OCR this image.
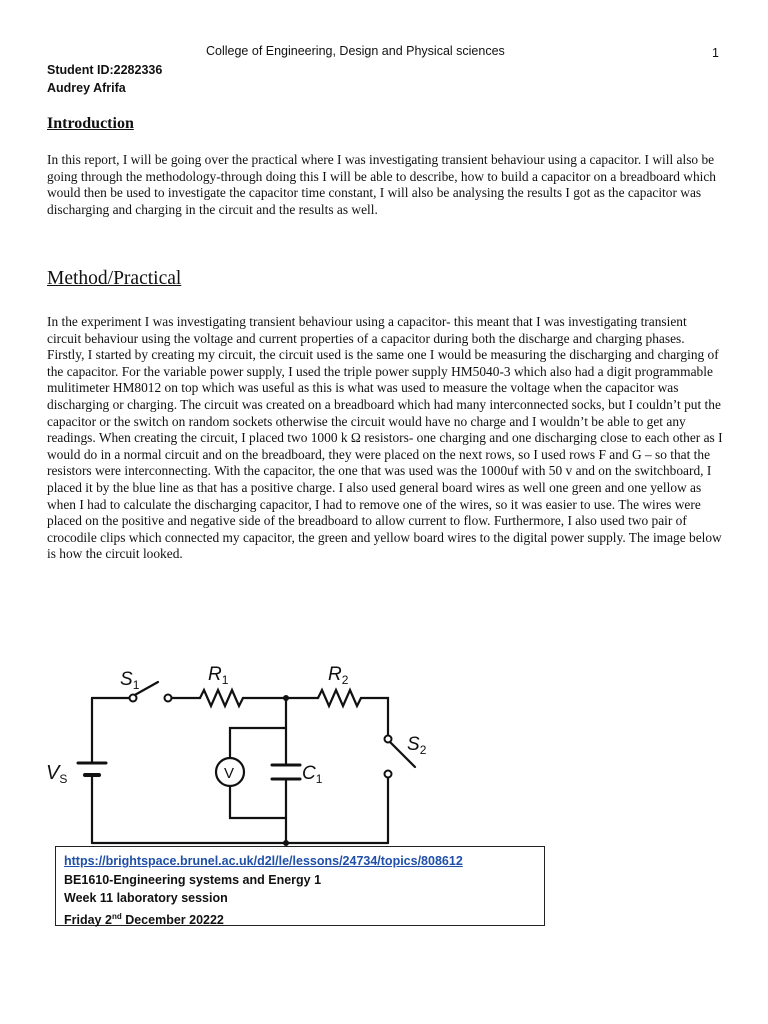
College of Engineering, Design and Physical sciences	1
Student ID:2282336
Audrey Afrifa
Introduction
In this report, I will be going over the practical where I was investigating transient behaviour using a capacitor. I will also be going through the methodology-through doing this I will be able to describe, how to build a capacitor on a breadboard which would then be used to investigate the capacitor time constant, I will also be analysing the results I got as the capacitor was discharging and charging in the circuit and the results as well.
Method/Practical
In the experiment I was investigating transient behaviour using a capacitor- this meant that I was investigating transient circuit behaviour using the voltage and current properties of a capacitor during both the discharge and charging phases. Firstly, I started by creating my circuit, the circuit used is the same one I would be measuring the discharging and charging of the capacitor. For the variable power supply, I used the triple power supply HM5040-3 which also had a digit programmable mulitimeter HM8012 on top which was useful as this is what was used to measure the voltage when the capacitor was discharging or charging. The circuit was created on a breadboard which had many interconnected socks, but I couldn’t put the capacitor or the switch on random sockets otherwise the circuit would have no charge and I wouldn’t be able to get any readings. When creating the circuit, I placed two 1000 k Ω resistors- one charging and one discharging close to each other as I would do in a normal circuit and on the breadboard, they were placed on the next rows, so I used rows F and G – so that the resistors were interconnecting. With the capacitor, the one that was used was the 1000uf with 50 v and on the switchboard, I placed it by the blue line as that has a positive charge. I also used general board wires as well one green and one yellow as when I had to calculate the discharging capacitor, I had to remove one of the wires, so it was easier to use. The wires were placed on the positive and negative side of the breadboard to allow current to flow. Furthermore, I also used two pair of crocodile clips which connected my capacitor, the green and yellow board wires to the digital power supply. The image below is how the circuit looked.
$S_1$	$R_1$	$R_2$
$S_2$
$V_S$	$C_1$
V
https://brightspace.brunel.ac.uk/d2l/le/lessons/24734/topics/808612
BE1610-Engineering systems and Energy 1
Week 11 laboratory session
Friday 2nd December 20222
